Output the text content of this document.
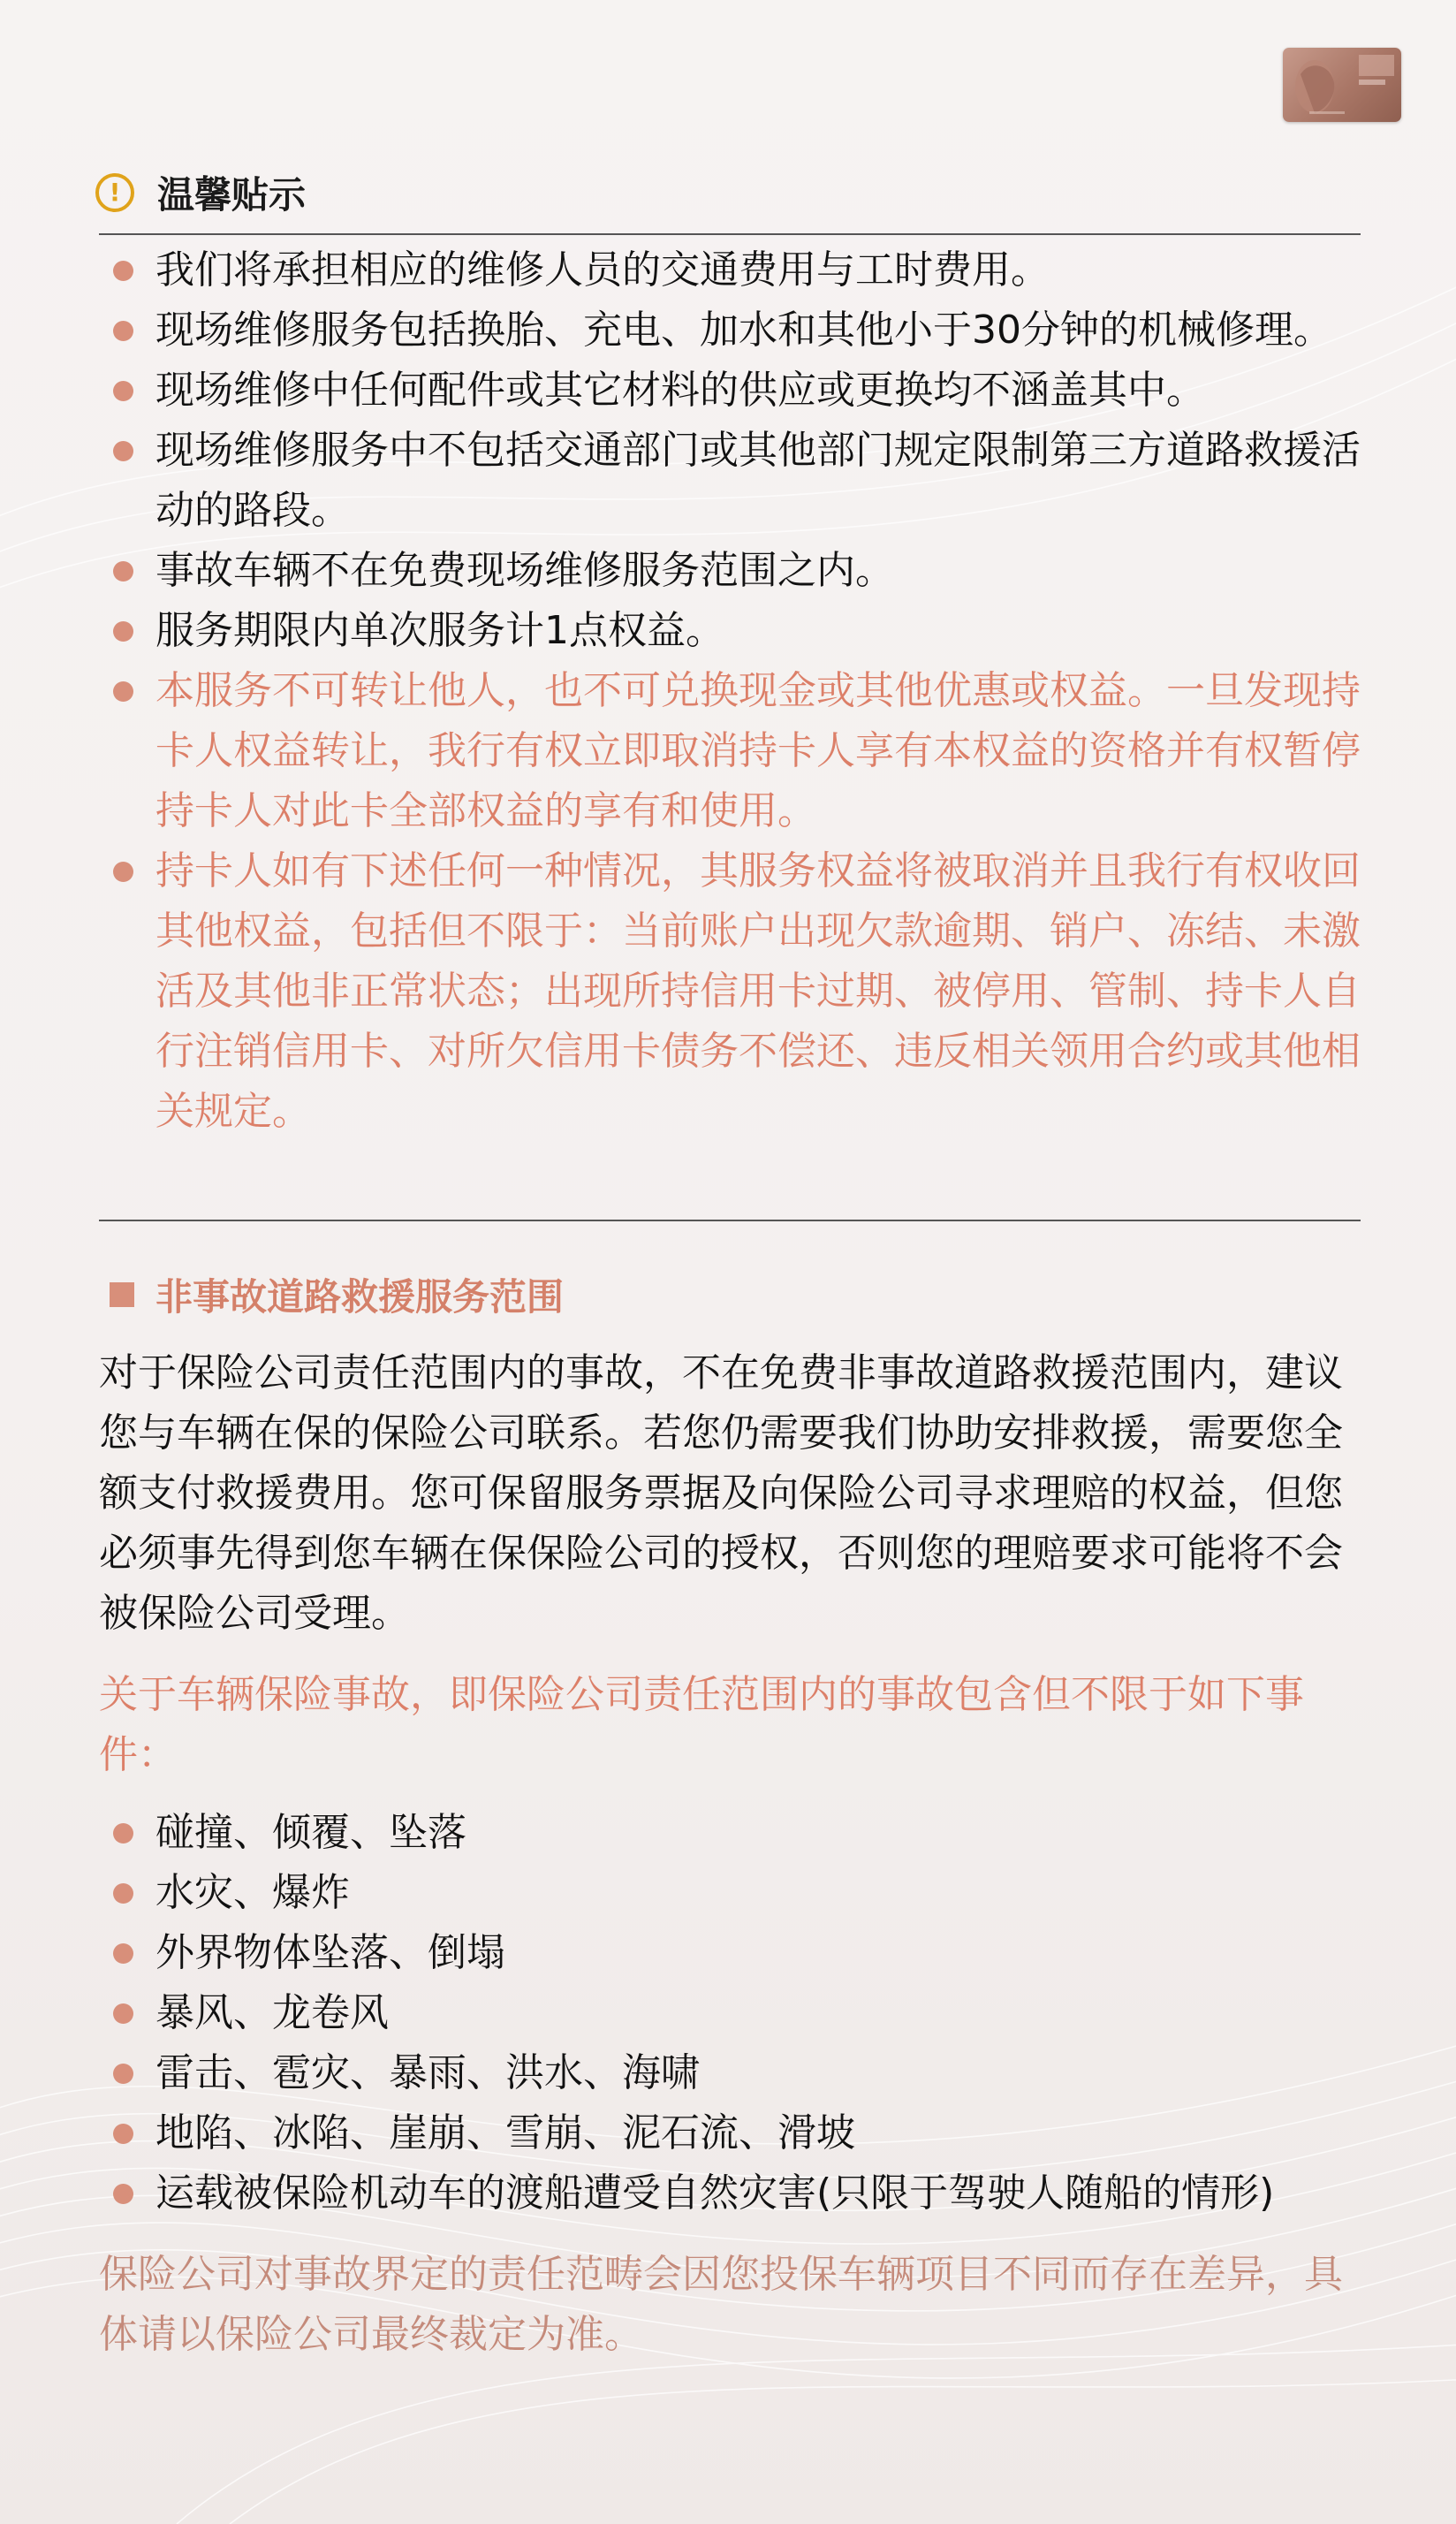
! 温馨贴示
我们将承担相应的维修人员的交通费用与工时费用。
现场维修服务包括换胎、充电、加水和其他小于30分钟的机械修理。
现场维修中任何配件或其它材料的供应或更换均不涵盖其中。
现场维修服务中不包括交通部门或其他部门规定限制第三方道路救援活动的路段。
事故车辆不在免费现场维修服务范围之内。
服务期限内单次服务计1点权益。
本服务不可转让他人，也不可兑换现金或其他优惠或权益。一旦发现持卡人权益转让，我行有权立即取消持卡人享有本权益的资格并有权暂停持卡人对此卡全部权益的享有和使用。
持卡人如有下述任何一种情况，其服务权益将被取消并且我行有权收回其他权益，包括但不限于：当前账户出现欠款逾期、销户、冻结、未激活及其他非正常状态；出现所持信用卡过期、被停用、管制、持卡人自行注销信用卡、对所欠信用卡债务不偿还、违反相关领用合约或其他相关规定。
非事故道路救援服务范围

对于保险公司责任范围内的事故，不在免费非事故道路救援范围内，建议您与车辆在保的保险公司联系。若您仍需要我们协助安排救援，需要您全额支付救援费用。您可保留服务票据及向保险公司寻求理赔的权益，但您必须事先得到您车辆在保保险公司的授权，否则您的理赔要求可能将不会被保险公司受理。

关于车辆保险事故，即保险公司责任范围内的事故包含但不限于如下事件：

碰撞、倾覆、坠落
水灾、爆炸
外界物体坠落、倒塌
暴风、龙卷风
雷击、雹灾、暴雨、洪水、海啸
地陷、冰陷、崖崩、雪崩、泥石流、滑坡
运载被保险机动车的渡船遭受自然灾害(只限于驾驶人随船的情形)

保险公司对事故界定的责任范畴会因您投保车辆项目不同而存在差异，具体请以保险公司最终裁定为准。
